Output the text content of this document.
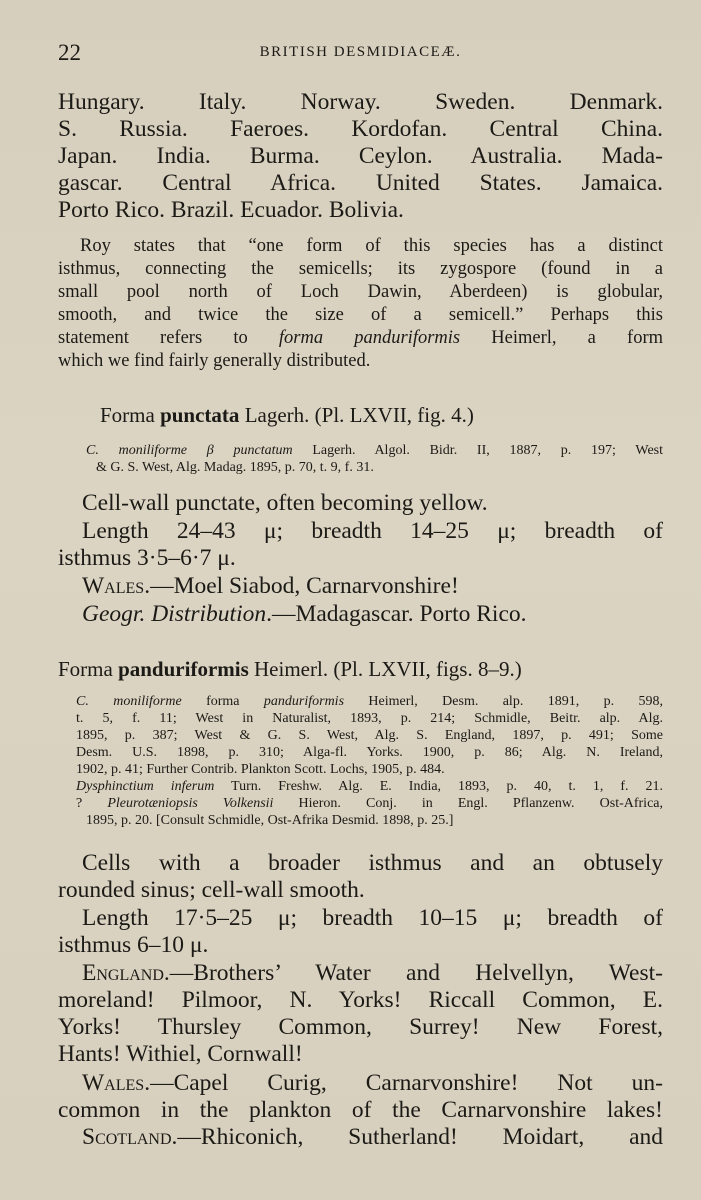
22	BRITISH DESMIDIACEÆ.
Hungary. Italy. Norway. Sweden. Denmark.
S. Russia. Faeroes. Kordofan. Central China.
Japan. India. Burma. Ceylon. Australia. Mada-
gascar. Central Africa. United States. Jamaica.
Porto Rico. Brazil. Ecuador. Bolivia.
Roy states that “one form of this species has a distinct
isthmus, connecting the semicells; its zygospore (found in a
small pool north of Loch Dawin, Aberdeen) is globular,
smooth, and twice the size of a semicell.” Perhaps this
statement refers to forma panduriformis Heimerl, a form
which we find fairly generally distributed.
Forma punctata Lagerh. (Pl. LXVII, fig. 4.)
C. moniliforme β punctatum Lagerh. Algol. Bidr. II, 1887, p. 197; West
& G. S. West, Alg. Madag. 1895, p. 70, t. 9, f. 31.
Cell-wall punctate, often becoming yellow.
Length 24–43 μ; breadth 14–25 μ; breadth of
isthmus 3·5–6·7 μ.
Wales.—Moel Siabod, Carnarvonshire!
Geogr. Distribution.—Madagascar. Porto Rico.
Forma panduriformis Heimerl. (Pl. LXVII, figs. 8–9.)
C. moniliforme forma panduriformis Heimerl, Desm. alp. 1891, p. 598,
t. 5, f. 11; West in Naturalist, 1893, p. 214; Schmidle, Beitr. alp. Alg.
1895, p. 387; West & G. S. West, Alg. S. England, 1897, p. 491; Some
Desm. U.S. 1898, p. 310; Alga-fl. Yorks. 1900, p. 86; Alg. N. Ireland,
1902, p. 41; Further Contrib. Plankton Scott. Lochs, 1905, p. 484.
Dysphinctium inferum Turn. Freshw. Alg. E. India, 1893, p. 40, t. 1, f. 21.
? Pleurotæniopsis Volkensii Hieron. Conj. in Engl. Pflanzenw. Ost-Africa,
1895, p. 20. [Consult Schmidle, Ost-Afrika Desmid. 1898, p. 25.]
Cells with a broader isthmus and an obtusely
rounded sinus; cell-wall smooth.
Length 17·5–25 μ; breadth 10–15 μ; breadth of
isthmus 6–10 μ.
England.—Brothers’ Water and Helvellyn, West-
moreland! Pilmoor, N. Yorks! Riccall Common, E.
Yorks! Thursley Common, Surrey! New Forest,
Hants! Withiel, Cornwall!
Wales.—Capel Curig, Carnarvonshire! Not un-
common in the plankton of the Carnarvonshire lakes!
Scotland.—Rhiconich, Sutherland! Moidart, and
